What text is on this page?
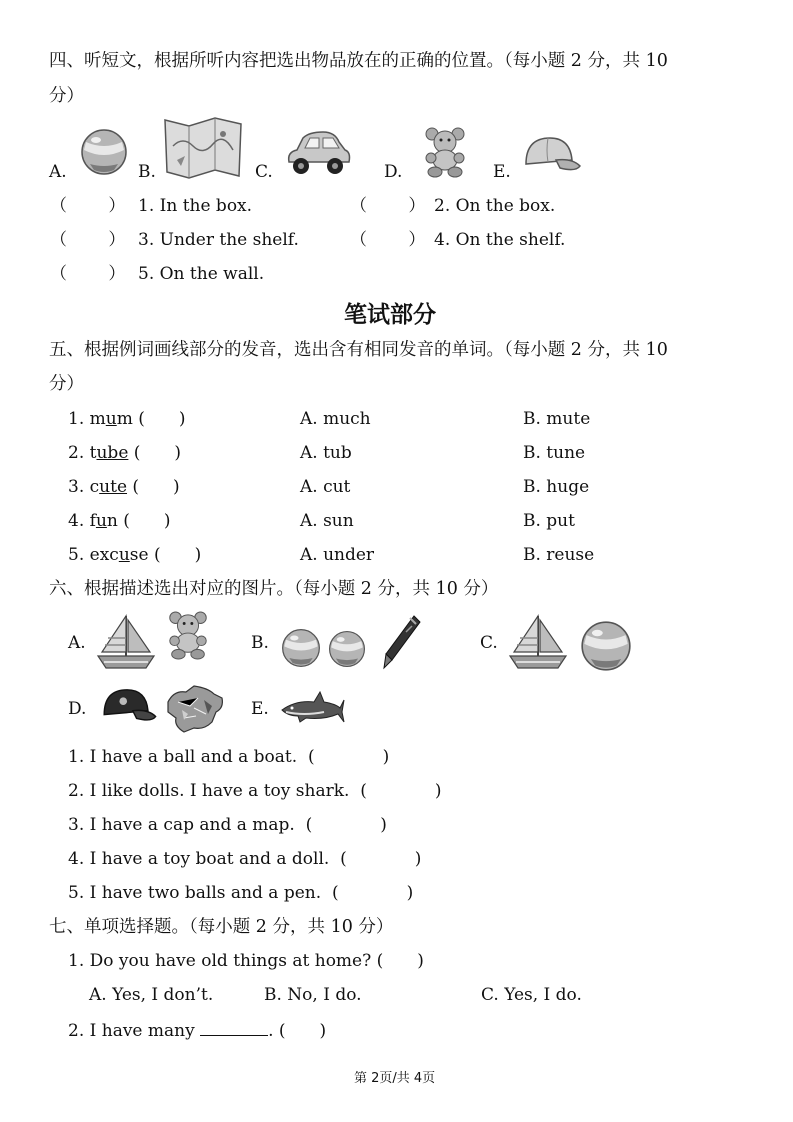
四、听短文，根据所听内容把选出物品放在的正确的位置。（每小题 2 分，共 10
分）
A.	B.	C.	D.	E.
（ ）
1. In the box.	（ ）
2. On the box.
（ ）
3. Under the shelf.	（ ）
4. On the shelf.
（ ）
5. On the wall.
笔试部分
五、根据例词画线部分的发音，选出含有相同发音的单词。（每小题 2 分，共 10
分）
1. mum (　　)	A. much	B. mute
2. tube (　　)	A. tub	B. tune
3. cute (　　)	A. cut	B. huge
4. fun (　　)	A. sun	B. put
5. excuse (　　)	A. under	B. reuse
六、根据描述选出对应的图片。（每小题 2 分，共 10 分）
A.	B.	C.
D.	E.
1. I have a ball and a boat. (　　　　)
2. I like dolls. I have a toy shark. (　　　　)
3. I have a cap and a map. (　　　　)
4. I have a toy boat and a doll. (　　　　)
5. I have two balls and a pen. (　　　　)
七、单项选择题。（每小题 2 分，共 10 分）
1. Do you have old things at home? (　　)
A. Yes, I don’t.	B. No, I do.	C. Yes, I do.
2. I have many	. (　　)
第 2页/共 4页
